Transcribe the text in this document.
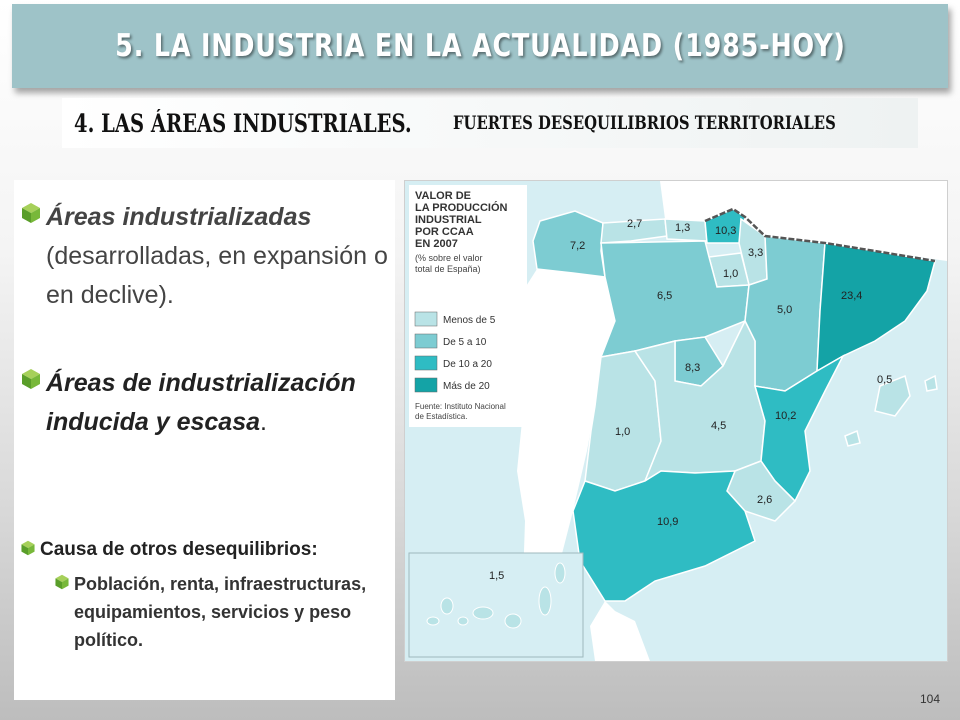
5. LA INDUSTRIA EN LA ACTUALIDAD (1985-HOY)
4. LAS ÁREAS INDUSTRIALES. FUERTES DESEQUILIBRIOS TERRITORIALES
Áreas industrializadas (desarrolladas, en expansión o en declive).
Áreas de industrialización inducida y escasa.
Causa de otros desequilibrios:
Población, renta, infraestructuras, equipamientos, servicios y peso político.
VALOR DE
LA PRODUCCIÓN
INDUSTRIAL
POR CCAA
EN 2007
(% sobre el valor
total de España)
Menos de 5
De 5 a 10
De 10 a 20
Más de 20
Fuente: Instituto Nacional
de Estadística.
7,2
2,7	1,3 10,3
3,3
1,0
6,5
5,0
23,4
8,3
0,5
1,0	4,5
10,2
2,6
10,9
1,5
104
